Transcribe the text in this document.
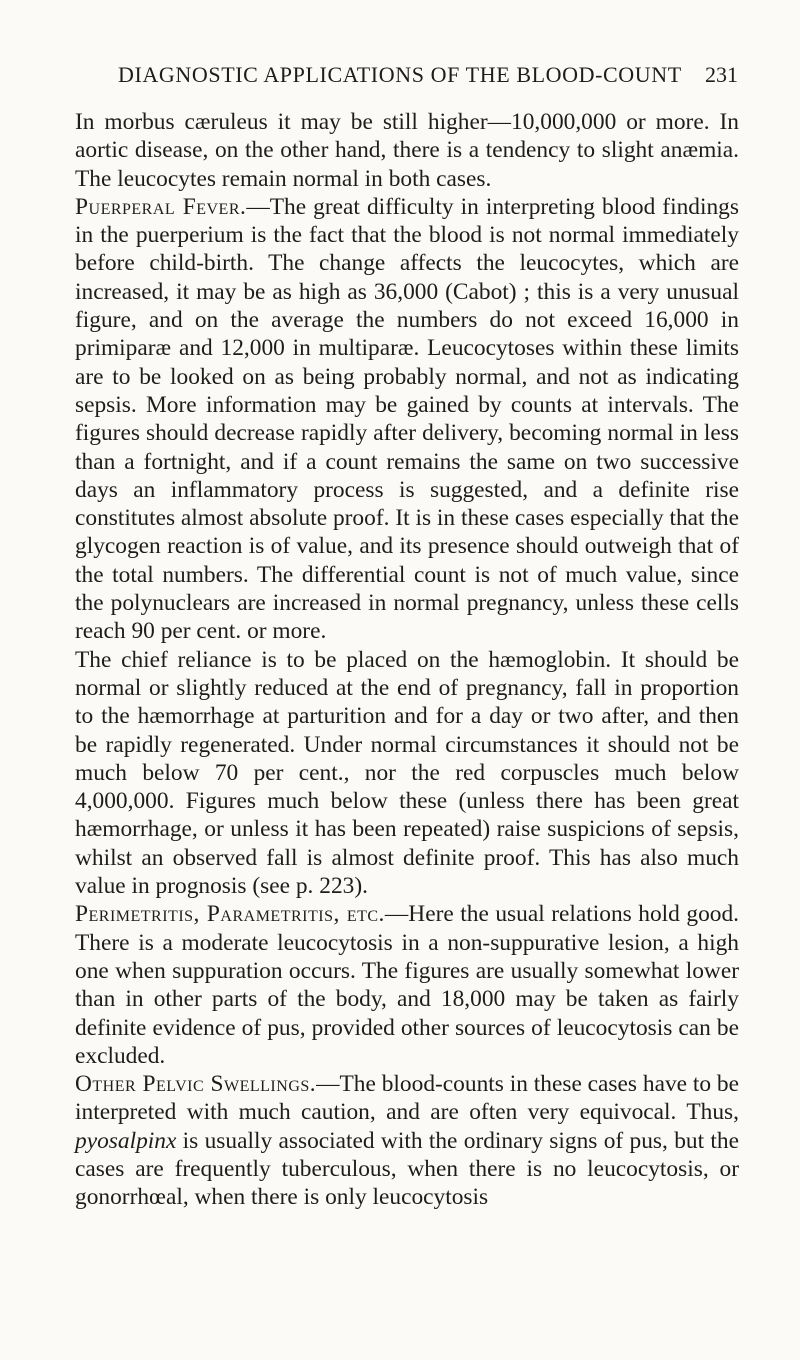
DIAGNOSTIC APPLICATIONS OF THE BLOOD-COUNT 231

In morbus cæruleus it may be still higher—10,000,000 or more. In aortic disease, on the other hand, there is a tendency to slight anæmia. The leucocytes remain normal in both cases.

Puerperal Fever.—The great difficulty in interpreting blood findings in the puerperium is the fact that the blood is not normal immediately before child-birth. The change affects the leucocytes, which are increased, it may be as high as 36,000 (Cabot) ; this is a very unusual figure, and on the average the numbers do not exceed 16,000 in primiparæ and 12,000 in multiparæ. Leucocytoses within these limits are to be looked on as being probably normal, and not as indicating sepsis. More information may be gained by counts at intervals. The figures should decrease rapidly after delivery, becoming normal in less than a fortnight, and if a count remains the same on two successive days an inflammatory process is suggested, and a definite rise constitutes almost absolute proof. It is in these cases especially that the glycogen reaction is of value, and its presence should outweigh that of the total numbers. The differential count is not of much value, since the polynuclears are increased in normal pregnancy, unless these cells reach 90 per cent. or more.

The chief reliance is to be placed on the hæmoglobin. It should be normal or slightly reduced at the end of pregnancy, fall in proportion to the hæmorrhage at parturition and for a day or two after, and then be rapidly regenerated. Under normal circumstances it should not be much below 70 per cent., nor the red corpuscles much below 4,000,000. Figures much below these (unless there has been great hæmorrhage, or unless it has been repeated) raise suspicions of sepsis, whilst an observed fall is almost definite proof. This has also much value in prognosis (see p. 223).

Perimetritis, Parametritis, etc.—Here the usual relations hold good. There is a moderate leucocytosis in a non-suppurative lesion, a high one when suppuration occurs. The figures are usually somewhat lower than in other parts of the body, and 18,000 may be taken as fairly definite evidence of pus, provided other sources of leucocytosis can be excluded.

Other Pelvic Swellings.—The blood-counts in these cases have to be interpreted with much caution, and are often very equivocal. Thus, pyosalpinx is usually associated with the ordinary signs of pus, but the cases are frequently tuberculous, when there is no leucocytosis, or gonorrhœal, when there is only leucocytosis
